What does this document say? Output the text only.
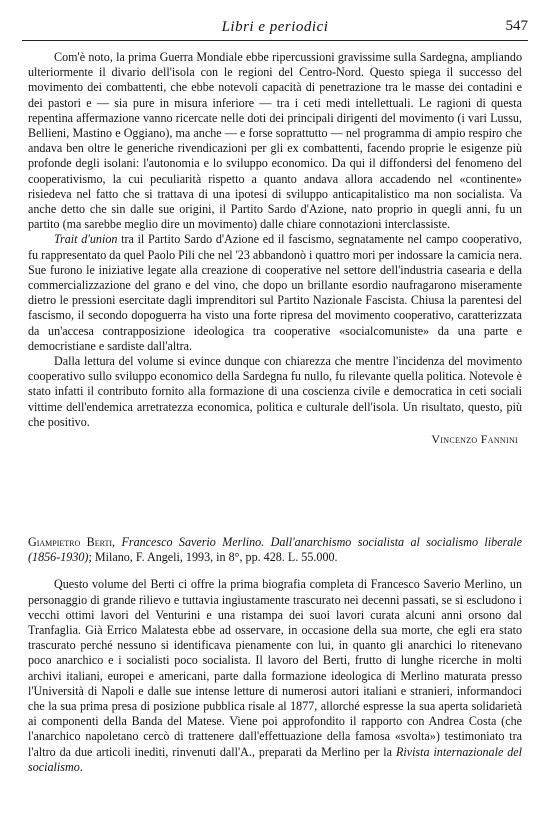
Libri e periodici	547

Com'è noto, la prima Guerra Mondiale ebbe ripercussioni gravissime sulla Sardegna, ampliando ulteriormente il divario dell'isola con le regioni del Centro-Nord. Questo spiega il successo del movimento dei combattenti, che ebbe notevoli capacità di penetrazione tra le masse dei contadini e dei pastori e — sia pure in misura inferiore — tra i ceti medi intellettuali. Le ragioni di questa repentina affermazione vanno ricercate nelle doti dei principali dirigenti del movimento (i vari Lussu, Bellieni, Mastino e Oggiano), ma anche — e forse soprattutto — nel programma di ampio respiro che andava ben oltre le generiche rivendicazioni per gli ex combattenti, facendo proprie le esigenze più profonde degli isolani: l'autonomia e lo sviluppo economico. Da qui il diffondersi del fenomeno del cooperativismo, la cui peculiarità rispetto a quanto andava allora accadendo nel «continente» risiedeva nel fatto che si trattava di una ipotesi di sviluppo anticapitalistico ma non socialista. Va anche detto che sin dalle sue origini, il Partito Sardo d'Azione, nato proprio in quegli anni, fu un partito (ma sarebbe meglio dire un movimento) dalle chiare connotazioni interclassiste.

Trait d'union tra il Partito Sardo d'Azione ed il fascismo, segnatamente nel campo cooperativo, fu rappresentato da quel Paolo Pili che nel '23 abbandonò i quattro mori per indossare la camicia nera. Sue furono le iniziative legate alla creazione di cooperative nel settore dell'industria casearia e della commercializzazione del grano e del vino, che dopo un brillante esordio naufragarono miseramente dietro le pressioni esercitate dagli imprenditori sul Partito Nazionale Fascista. Chiusa la parentesi del fascismo, il secondo dopoguerra ha visto una forte ripresa del movimento cooperativo, caratterizzata da un'accesa contrapposizione ideologica tra cooperative «socialcomuniste» da una parte e democristiane e sardiste dall'altra.

Dalla lettura del volume si evince dunque con chiarezza che mentre l'incidenza del movimento cooperativo sullo sviluppo economico della Sardegna fu nullo, fu rilevante quella politica. Notevole è stato infatti il contributo fornito alla formazione di una coscienza civile e democratica in ceti sociali vittime dell'endemica arretratezza economica, politica e culturale dell'isola. Un risultato, questo, più che positivo.

Vincenzo Fannini

Giampietro Berti, Francesco Saverio Merlino. Dall'anarchismo socialista al socialismo liberale (1856-1930); Milano, F. Angeli, 1993, in 8°, pp. 428. L. 55.000.

Questo volume del Berti ci offre la prima biografia completa di Francesco Saverio Merlino, un personaggio di grande rilievo e tuttavia ingiustamente trascurato nei decenni passati, se si escludono i vecchi ottimi lavori del Venturini e una ristampa dei suoi lavori curata alcuni anni orsono dal Tranfaglia. Già Errico Malatesta ebbe ad osservare, in occasione della sua morte, che egli era stato trascurato perché nessuno si identificava pienamente con lui, in quanto gli anarchici lo ritenevano poco anarchico e i socialisti poco socialista. Il lavoro del Berti, frutto di lunghe ricerche in molti archivi italiani, europei e americani, parte dalla formazione ideologica di Merlino maturata presso l'Università di Napoli e dalle sue intense letture di numerosi autori italiani e stranieri, informandoci che la sua prima presa di posizione pubblica risale al 1877, allorché espresse la sua aperta solidarietà ai componenti della Banda del Matese. Viene poi approfondito il rapporto con Andrea Costa (che l'anarchico napoletano cercò di trattenere dall'effettuazione della famosa «svolta») testimoniato tra l'altro da due articoli inediti, rinvenuti dall'A., preparati da Merlino per la Rivista internazionale del socialismo.
